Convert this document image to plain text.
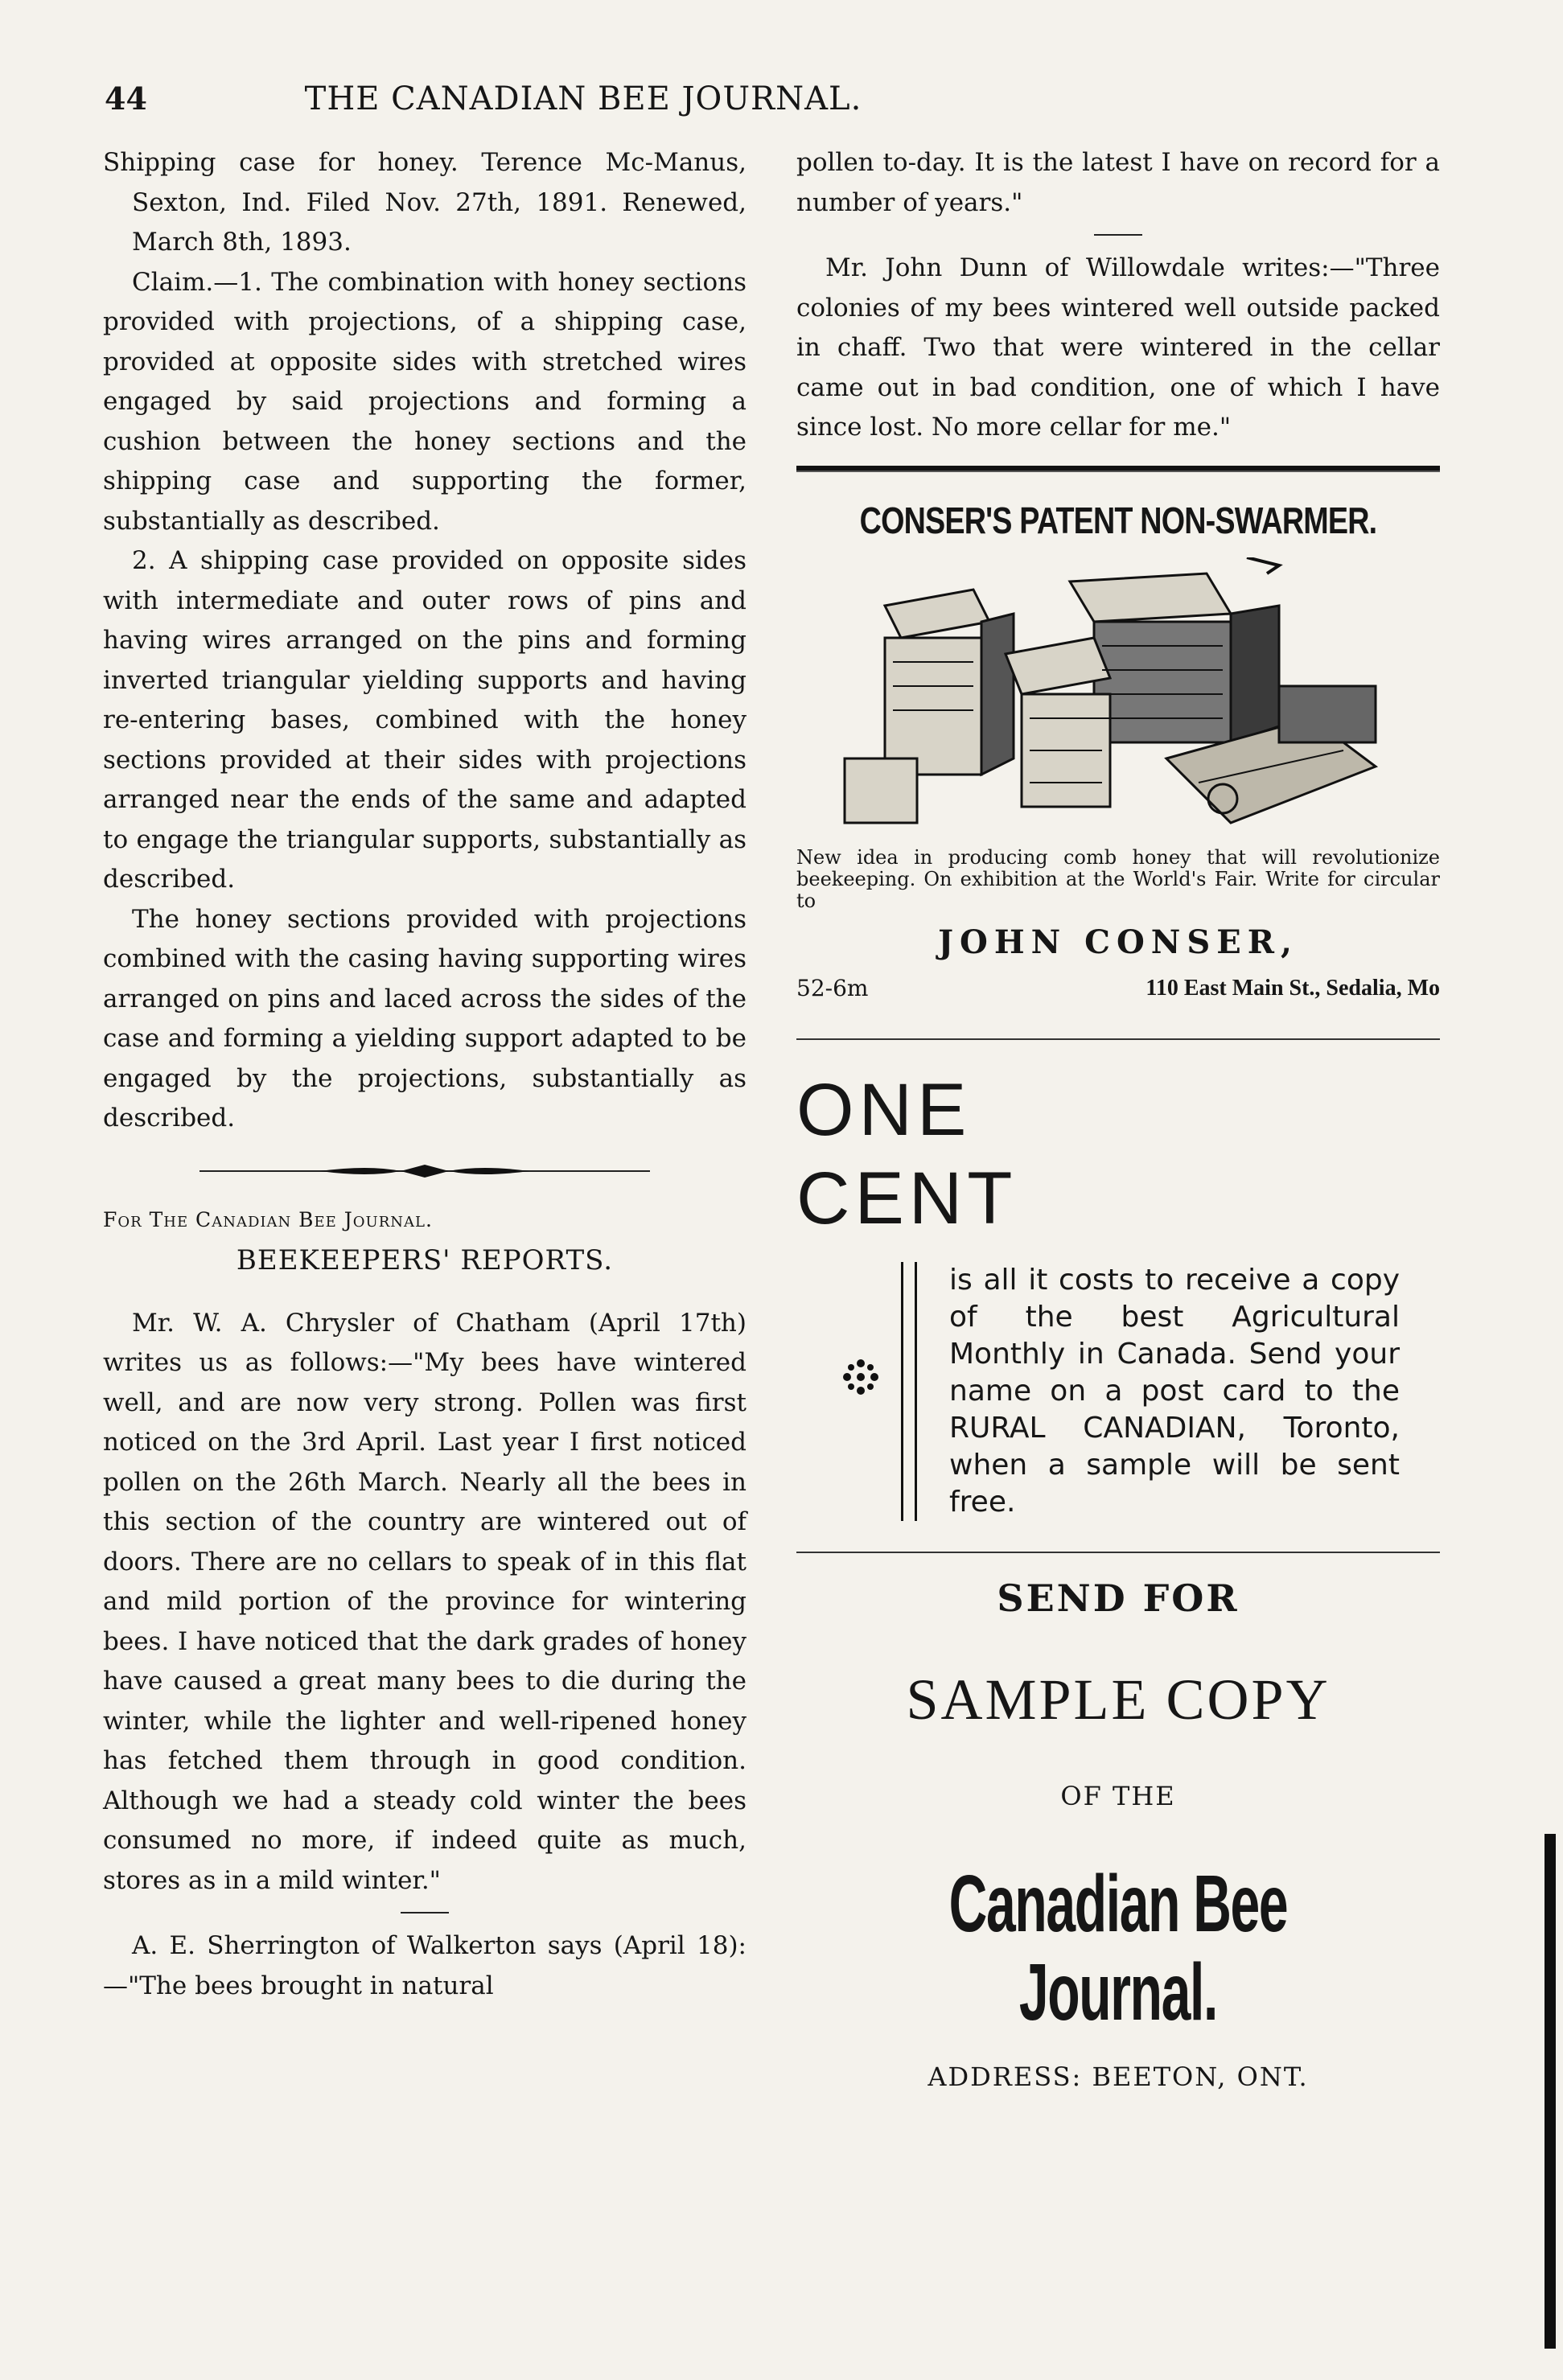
44	THE CANADIAN BEE JOURNAL.

Shipping case for honey. Terence Mc-Manus, Sexton, Ind. Filed Nov. 27th, 1891. Renewed, March 8th, 1893.

Claim.—1. The combination with honey sections provided with projections, of a shipping case, provided at opposite sides with stretched wires engaged by said projections and forming a cushion between the honey sections and the shipping case and supporting the former, substantially as described.

2. A shipping case provided on opposite sides with intermediate and outer rows of pins and having wires arranged on the pins and forming inverted triangular yielding supports and having re-entering bases, combined with the honey sections provided at their sides with projections arranged near the ends of the same and adapted to engage the triangular supports, substantially as described.

The honey sections provided with projections combined with the casing having supporting wires arranged on pins and laced across the sides of the case and forming a yielding support adapted to be engaged by the projections, substantially as described.

For The Canadian Bee Journal.

BEEKEEPERS' REPORTS.

Mr. W. A. Chrysler of Chatham (April 17th) writes us as follows:—"My bees have wintered well, and are now very strong. Pollen was first noticed on the 3rd April. Last year I first noticed pollen on the 26th March. Nearly all the bees in this section of the country are wintered out of doors. There are no cellars to speak of in this flat and mild portion of the province for wintering bees. I have noticed that the dark grades of honey have caused a great many bees to die during the winter, while the lighter and well-ripened honey has fetched them through in good condition. Although we had a steady cold winter the bees consumed no more, if indeed quite as much, stores as in a mild winter."

A. E. Sherrington of Walkerton says (April 18):—"The bees brought in natural

pollen to-day. It is the latest I have on record for a number of years."

Mr. John Dunn of Willowdale writes:—"Three colonies of my bees wintered well outside packed in chaff. Two that were wintered in the cellar came out in bad condition, one of which I have since lost. No more cellar for me."

CONSER'S PATENT NON-SWARMER.

New idea in producing comb honey that will revolutionize beekeeping. On exhibition at the World's Fair. Write for circular to

JOHN CONSER,
52-6m	110 East Main St., Sedalia, Mo
ONE
CENT

is all it costs to receive a copy of the best Agricultural Monthly in Canada. Send your name on a post card to the RURAL CANADIAN, Toronto, when a sample will be sent free.

SEND FOR
SAMPLE COPY
OF THE
Canadian Bee Journal.
ADDRESS: BEETON, ONT.
